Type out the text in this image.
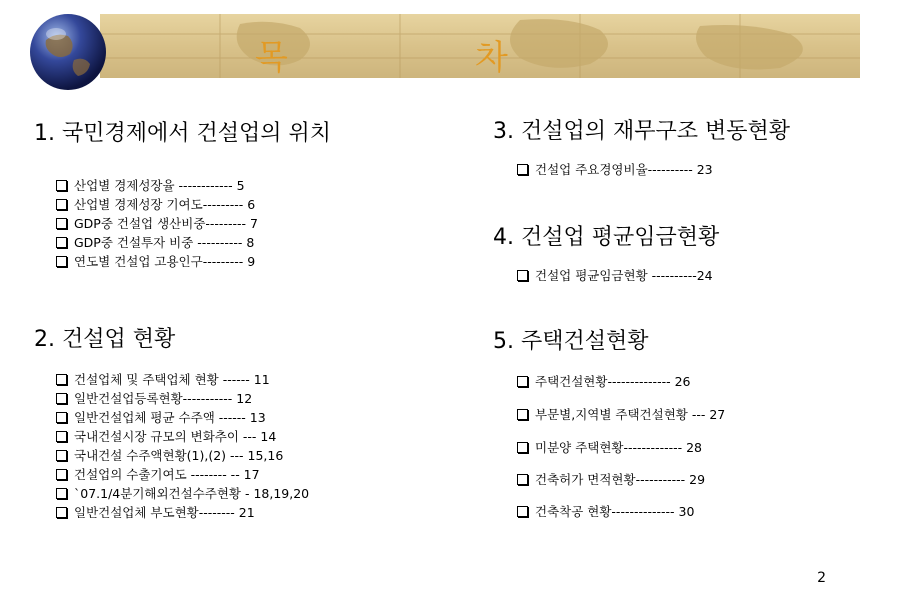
목	차
1. 국민경제에서 건설업의 위치
산업별 경제성장율 ------------ 5
산업별 경제성장 기여도--------- 6
GDP중 건설업 생산비중--------- 7
GDP중 건설투자 비중 ---------- 8
연도별 건설업 고용인구--------- 9
2. 건설업 현황
건설업체 및 주택업체 현황 ------ 11
일반건설업등록현황----------- 12
일반건설업체 평균 수주액 ------ 13
국내건설시장 규모의 변화추이 --- 14
국내건설 수주액현황(1),(2) --- 15,16
건설업의 수출기여도 -------- -- 17
`07.1/4분기해외건설수주현황 - 18,19,20
일반건설업체 부도현황-------- 21
3. 건설업의 재무구조 변동현황
건설업 주요경영비율---------- 23
4. 건설업 평균임금현황
건설업 평균임금현황 ----------24
5. 주택건설현황
주택건설현황-------------- 26
부문별,지역별 주택건설현황 --- 27
미분양 주택현황------------- 28
건축허가 면적현황----------- 29
건축착공 현황-------------- 30
2
